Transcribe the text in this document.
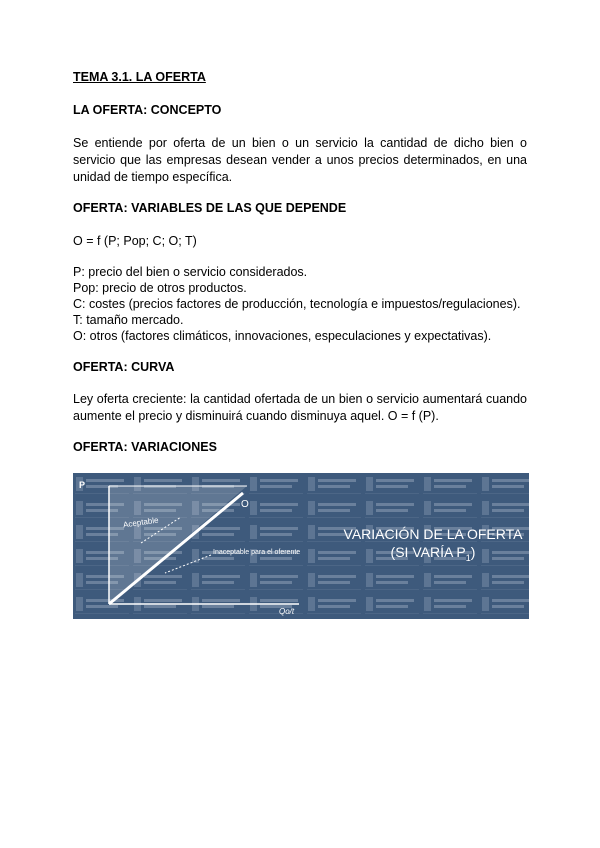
TEMA 3.1. LA OFERTA
LA OFERTA: CONCEPTO
Se entiende por oferta de un bien o un servicio la cantidad de dicho bien o servicio que las empresas desean vender a unos precios determinados, en una unidad de tiempo específica.
OFERTA: VARIABLES DE LAS QUE DEPENDE
O = f (P; Pop; C; O; T)
P: precio del bien o servicio considerados.
Pop: precio de otros productos.
C: costes (precios factores de producción, tecnología e impuestos/regulaciones).
T: tamaño mercado.
O: otros (factores climáticos, innovaciones, especulaciones y expectativas).
OFERTA: CURVA
Ley oferta creciente: la cantidad ofertada de un bien o servicio aumentará cuando aumente el precio y disminuirá cuando disminuya aquel. O = f (P).
OFERTA: VARIACIONES
P
O
Aceptable
Inaceptable para el oferente
Qo/t
VARIACIÓN DE LA OFERTA
(SI VARÍA $P_1$)
